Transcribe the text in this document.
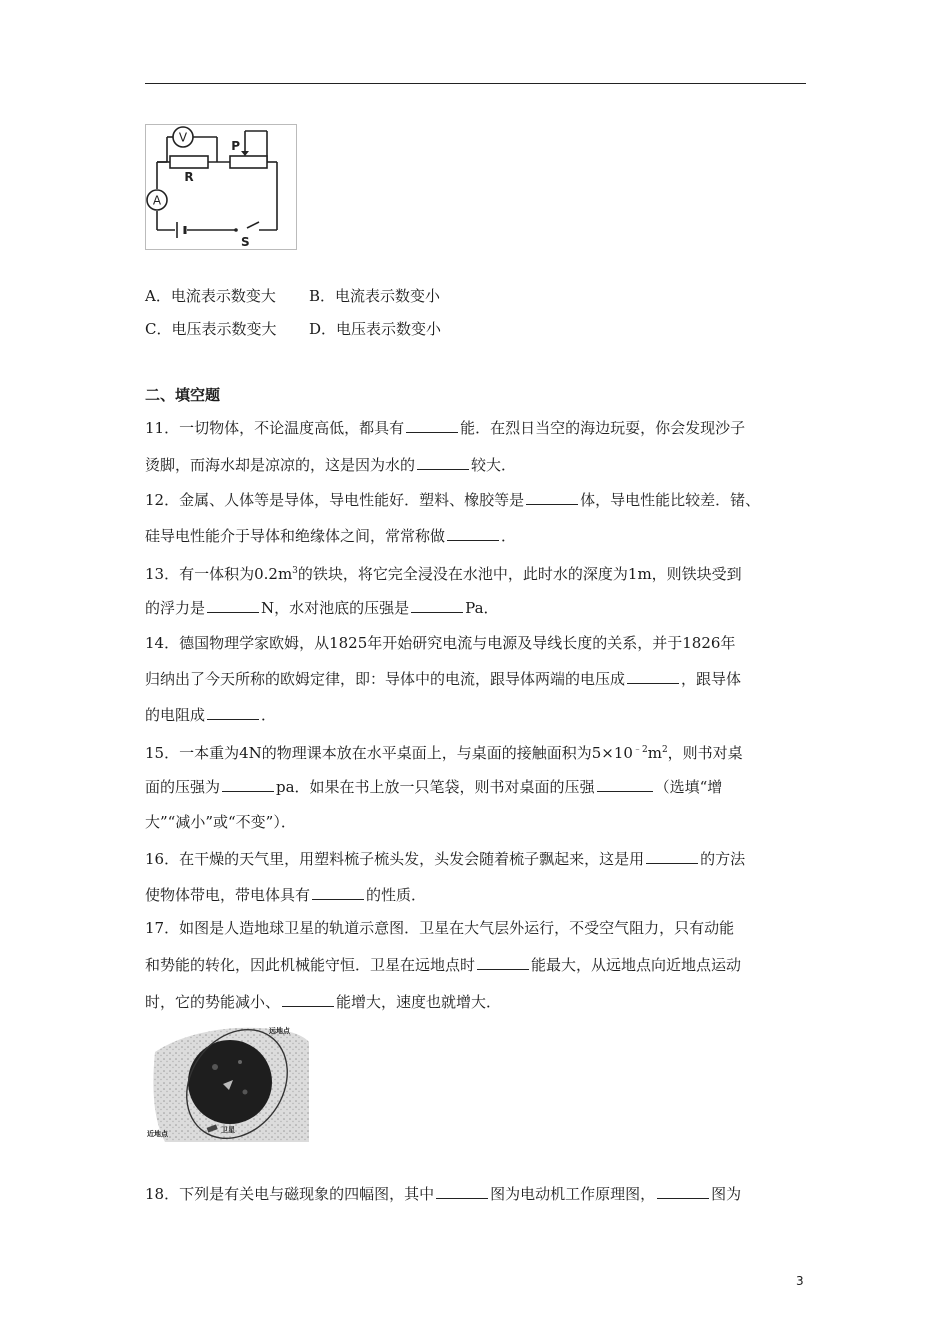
V
R
P
A
S
A．电流表示数变大 B．电流表示数变小
C．电压表示数变大 D．电压表示数变小
二、填空题
11．一切物体，不论温度高低，都具有	能．在烈日当空的海边玩耍，你会发现沙子
烫脚，而海水却是凉凉的，这是因为水的	较大．
12．金属、人体等是导体，导电性能好．塑料、橡胶等是	体，导电性能比较差．锗、
硅导电性能介于导体和绝缘体之间，常常称做	．
13．有一体积为$0.2m^3$的铁块，将它完全浸没在水池中，此时水的深度为1m，则铁块受到
的浮力是	N，水对池底的压强是	Pa．
14．德国物理学家欧姆，从1825年开始研究电流与电源及导线长度的关系，并于1826年
归纳出了今天所称的欧姆定律，即：导体中的电流，跟导体两端的电压成	，跟导体
的电阻成	．
15．一本重为4N的物理课本放在水平桌面上，与桌面的接触面积为$5\times 10^{﹣2}m^2$，则书对桌
面的压强为	pa．如果在书上放一只笔袋，则书对桌面的压强	（选填“增
大”“减小”或“不变”）．
16．在干燥的天气里，用塑料梳子梳头发，头发会随着梳子飘起来，这是用	的方法
使物体带电，带电体具有	的性质．
17．如图是人造地球卫星的轨道示意图．卫星在大气层外运行，不受空气阻力，只有动能
和势能的转化，因此机械能守恒．卫星在远地点时	能最大，从远地点向近地点运动
时，它的势能减小、	能增大，速度也就增大．
远地点
近地点	卫星
18．下列是有关电与磁现象的四幅图，其中	图为电动机工作原理图，	图为
3
